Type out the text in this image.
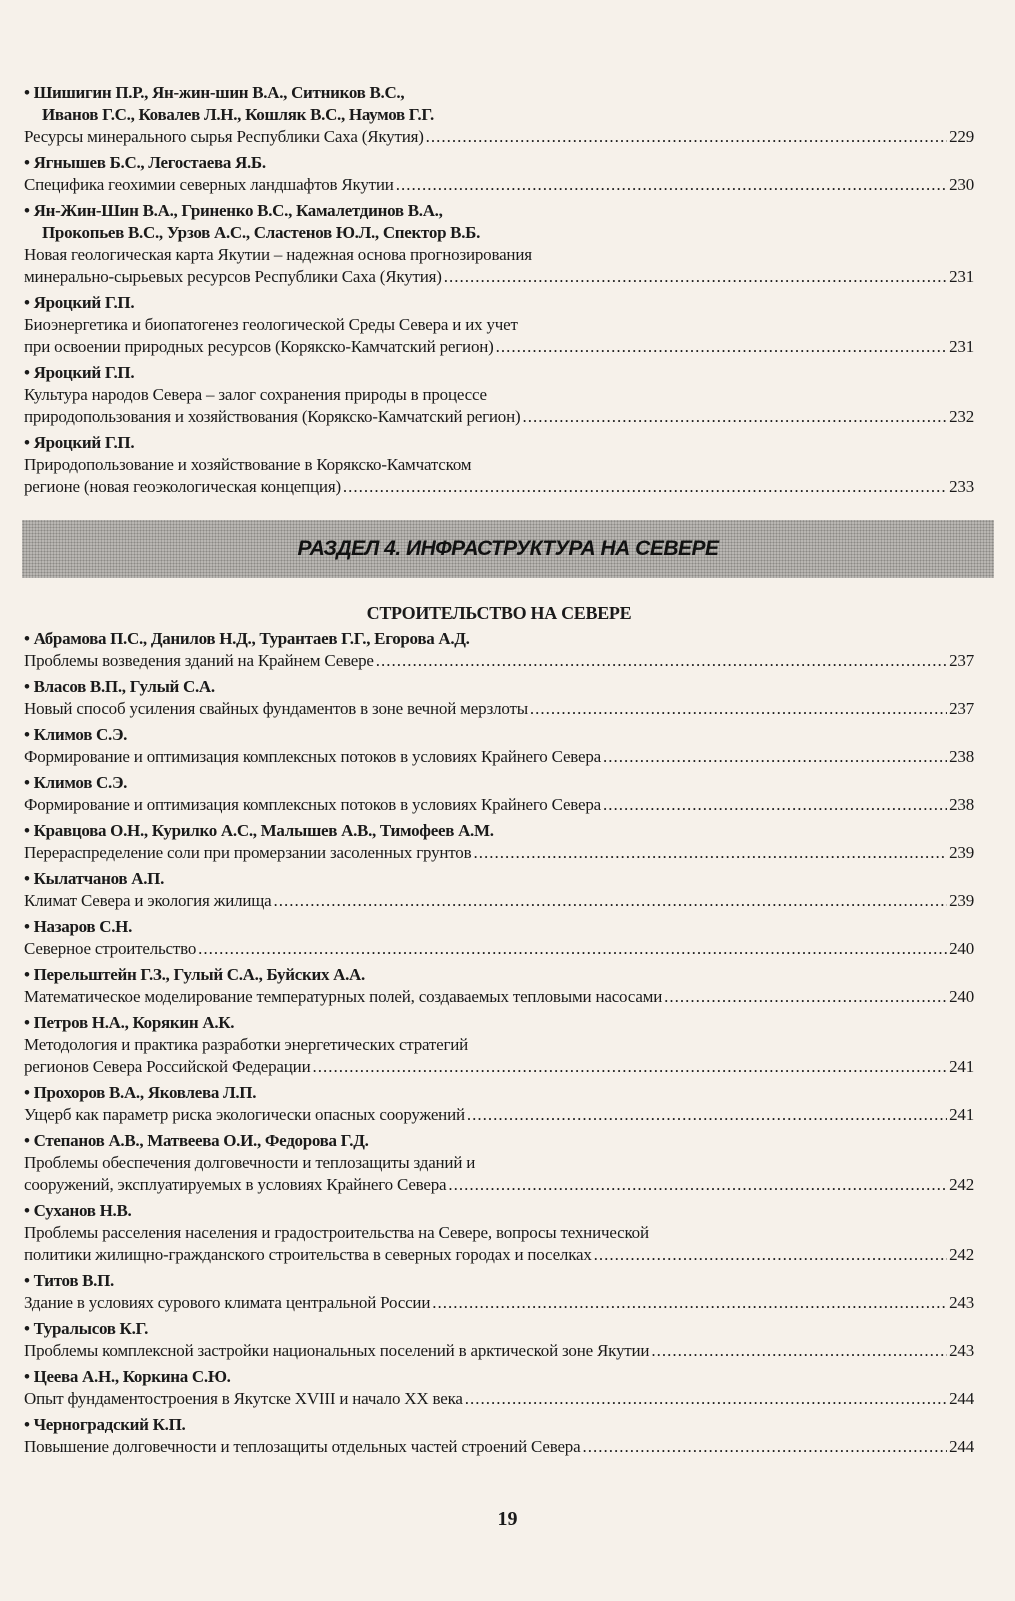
• Шишигин П.Р., Ян-жин-шин В.А., Ситников В.С.,
Иванов Г.С., Ковалев Л.Н., Кошляк В.С., Наумов Г.Г.
Ресурсы минерального сырья Республики Саха (Якутия) .....	229
• Ягнышев Б.С., Легостаева Я.Б.
Специфика геохимии северных ландшафтов Якутии .....	230
• Ян-Жин-Шин В.А., Гриненко В.С., Камалетдинов В.А.,
Прокопьев В.С., Урзов А.С., Сластенов Ю.Л., Спектор В.Б.
Новая геологическая карта Якутии – надежная основа прогнозирования
минерально-сырьевых ресурсов Республики Саха (Якутия) .....	231
• Яроцкий Г.П.
Биоэнергетика и биопатогенез геологической Среды Севера и их учет
при освоении природных ресурсов (Корякско-Камчатский регион) .....	231
• Яроцкий Г.П.
Культура народов Севера – залог сохранения природы в процессе
природопользования и хозяйствования (Корякско-Камчатский регион) .....	232
• Яроцкий Г.П.
Природопользование и хозяйствование в Корякско-Камчатском
регионе (новая геоэкологическая концепция) .....	233
РАЗДЕЛ 4. ИНФРАСТРУКТУРА НА СЕВЕРЕ
СТРОИТЕЛЬСТВО НА СЕВЕРЕ
• Абрамова П.С., Данилов Н.Д., Турантаев Г.Г., Егорова А.Д.
Проблемы возведения зданий на Крайнем Севере .....	237
• Власов В.П., Гулый С.А.
Новый способ усиления свайных фундаментов в зоне вечной мерзлоты .....	237
• Климов С.Э.
Формирование и оптимизация комплексных потоков в условиях Крайнего Севера .....	238
• Климов С.Э.
Формирование и оптимизация комплексных потоков в условиях Крайнего Севера .....	238
• Кравцова О.Н., Курилко А.С., Малышев А.В., Тимофеев А.М.
Перераспределение соли при промерзании засоленных грунтов .....	239
• Кылатчанов А.П.
Климат Севера и экология жилища .....	239
• Назаров С.Н.
Северное строительство .....	240
• Перельштейн Г.З., Гулый С.А., Буйских А.А.
Математическое моделирование температурных полей, создаваемых тепловыми насосами .....	240
• Петров Н.А., Корякин А.К.
Методология и практика разработки энергетических стратегий
регионов Севера Российской Федерации .....	241
• Прохоров В.А., Яковлева Л.П.
Ущерб как параметр риска экологически опасных сооружений .....	241
• Степанов А.В., Матвеева О.И., Федорова Г.Д.
Проблемы обеспечения долговечности и теплозащиты зданий и
сооружений, эксплуатируемых в условиях Крайнего Севера .....	242
• Суханов Н.В.
Проблемы расселения населения и градостроительства на Севере, вопросы технической
политики жилищно-гражданского строительства в северных городах и поселках .....	242
• Титов В.П.
Здание в условиях сурового климата центральной России .....	243
• Туралысов К.Г.
Проблемы комплексной застройки национальных поселений в арктической зоне Якутии .....	243
• Цеева А.Н., Коркина С.Ю.
Опыт фундаментостроения в Якутске XVIII и начало XX века .....	244
• Черноградский К.П.
Повышение долговечности и теплозащиты отдельных частей строений Севера .....	244
19
